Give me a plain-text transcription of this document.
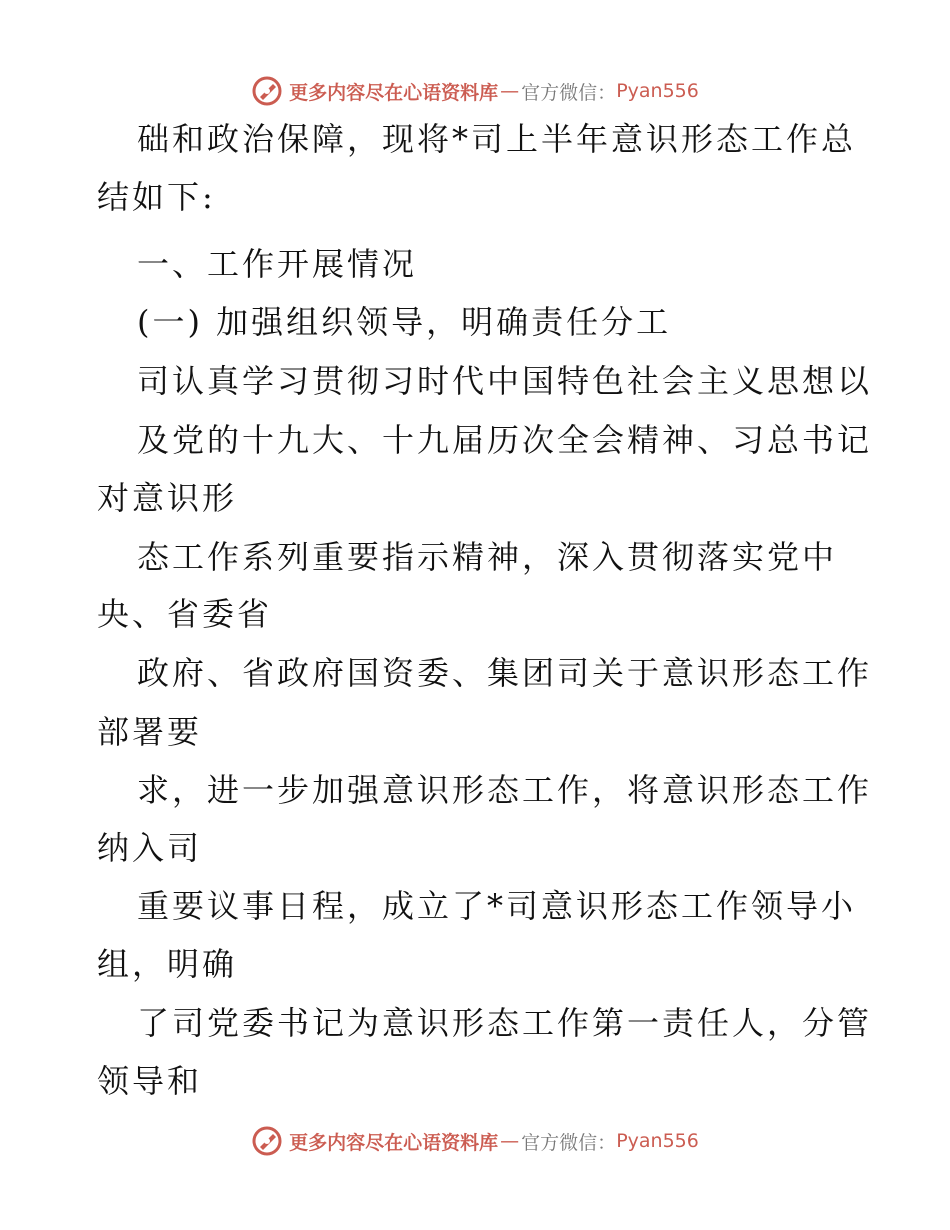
更多内容尽在心语资料库 — 官方微信： Pyan556
础和政治保障，现将*司上半年意识形态工作总
结如下:
一、工作开展情况
(一) 加强组织领导，明确责任分工
司认真学习贯彻习时代中国特色社会主义思想以
及党的十九大、十九届历次全会精神、习总书记
对意识形
态工作系列重要指示精神，深入贯彻落实党中
央、省委省
政府、省政府国资委、集团司关于意识形态工作
部署要
求，进一步加强意识形态工作，将意识形态工作
纳入司
重要议事日程，成立了*司意识形态工作领导小
组，明确
了司党委书记为意识形态工作第一责任人，分管
领导和
更多内容尽在心语资料库 — 官方微信： Pyan556
